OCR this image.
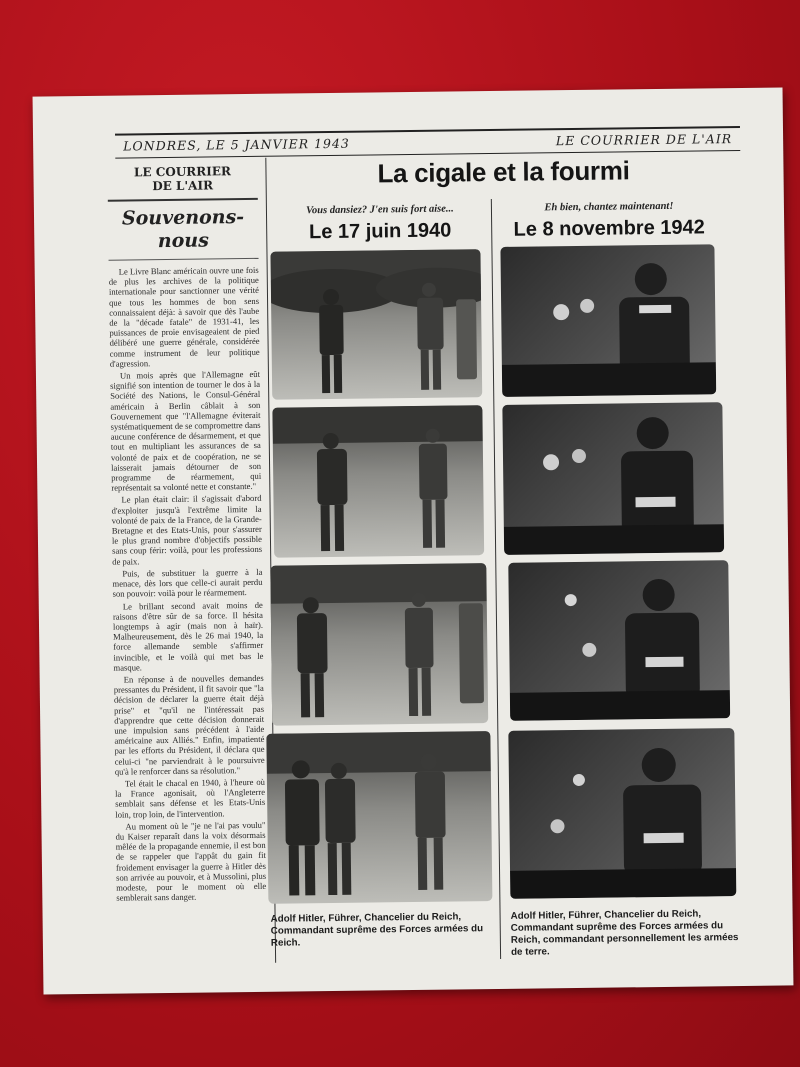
LONDRES, LE 5 JANVIER 1943	LE COURRIER DE L'AIR
LE COURRIER
DE L'AIR
Souvenons-
nous

Le Livre Blanc américain ouvre une fois de plus les archives de la politique internationale pour sanctionner une vérité que tous les hommes de bon sens connaissaient déjà: à savoir que dès l'aube de la "décade fatale" de 1931-41, les puissances de proie envisageaient de pied délibéré une guerre générale, considérée comme instrument de leur politique d'agression.

Un mois après que l'Allemagne eût signifié son intention de tourner le dos à la Société des Nations, le Consul-Général américain à Berlin câblait à son Gouvernement que "l'Allemagne éviterait systématiquement de se compromettre dans aucune conférence de désarmement, et que tout en multipliant les assurances de sa volonté de paix et de coopération, ne se laisserait jamais détourner de son programme de réarmement, qui représentait sa volonté nette et constante."

Le plan était clair: il s'agissait d'abord d'exploiter jusqu'à l'extrême limite la volonté de paix de la France, de la Grande-Bretagne et des Etats-Unis, pour s'assurer le plus grand nombre d'objectifs possible sans coup férir: voilà, pour les professions de paix.

Puis, de substituer la guerre à la menace, dès lors que celle-ci aurait perdu son pouvoir: voilà pour le réarmement.

Le brillant second avait moins de raisons d'être sûr de sa force. Il hésita longtemps à agir (mais non à haïr). Malheureusement, dès le 26 mai 1940, la force allemande semble s'affirmer invincible, et le voilà qui met bas le masque.

En réponse à de nouvelles demandes pressantes du Président, il fit savoir que "la décision de déclarer la guerre était déjà prise" et "qu'il ne l'intéressait pas d'apprendre que cette décision donnerait une impulsion sans précédent à l'aide américaine aux Alliés." Enfin, impatienté par les efforts du Président, il déclara que celui-ci "ne parviendrait à le poursuivre qu'à le renforcer dans sa résolution."

Tel était le chacal en 1940, à l'heure où la France agonisait, où l'Angleterre semblait sans défense et les Etats-Unis loin, trop loin, de l'intervention.

Au moment où le "je ne l'ai pas voulu" du Kaiser reparaît dans la voix désormais mêlée de la propagande ennemie, il est bon de se rappeler que l'appât du gain fit froidement envisager la guerre à Hitler dès son arrivée au pouvoir, et à Mussolini, plus modeste, pour le moment où elle semblerait sans danger.

La cigale et la fourmi
Vous dansiez? J'en suis fort aise...	Eh bien, chantez maintenant!
Le 17 juin 1940	Le 8 novembre 1942
Adolf Hitler, Führer, Chancelier du Reich, Commandant suprême des Forces armées du Reich.
Adolf Hitler, Führer, Chancelier du Reich, Commandant suprême des Forces armées du Reich, commandant personnellement les armées de terre.
